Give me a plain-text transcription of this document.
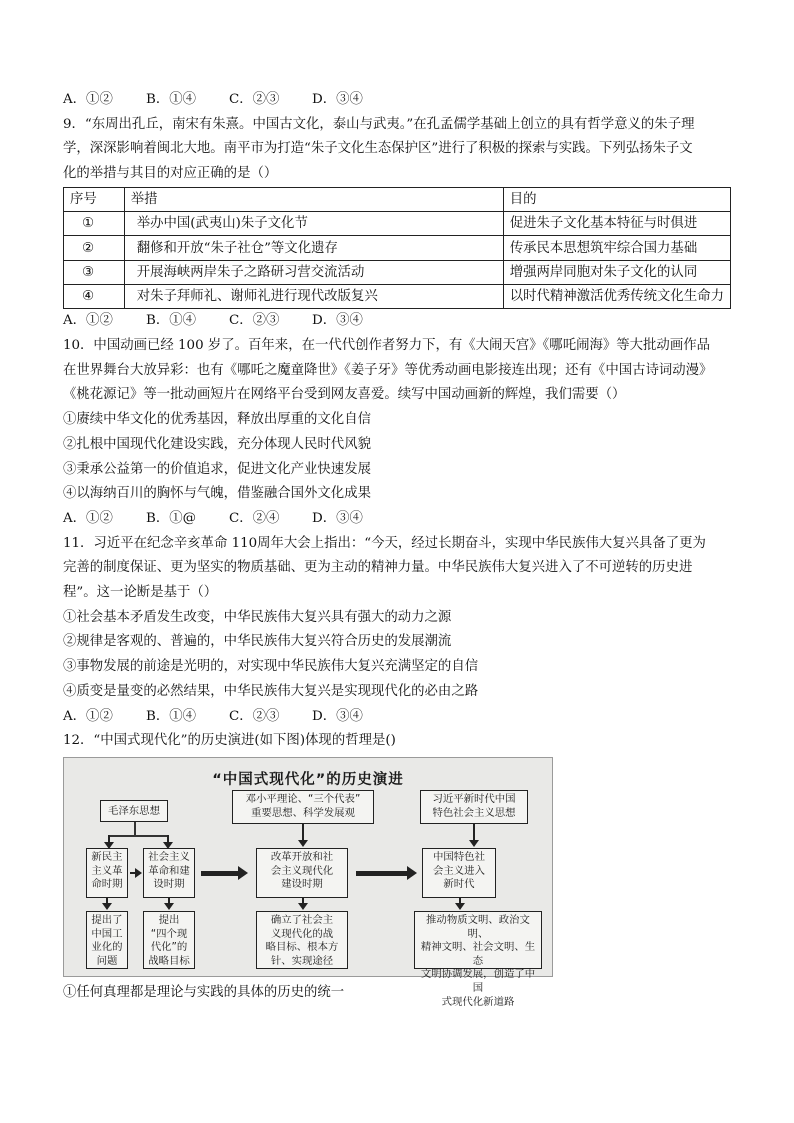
A．①②	B．①④	C．②③	D．③④
9．“东周出孔丘，南宋有朱熹。中国古文化，泰山与武夷。”在孔孟儒学基础上创立的具有哲学意义的朱子理
学，深深影响着闽北大地。南平市为打造“朱子文化生态保护区”进行了积极的探索与实践。下列弘扬朱子文
化的举措与其目的对应正确的是（）
序号	举措	目的
①	举办中国(武夷山)朱子文化节	促进朱子文化基本特征与时俱进
②	翻修和开放“朱子社仓”等文化遗存	传承民本思想筑牢综合国力基础
③	开展海峡两岸朱子之路研习营交流活动	增强两岸同胞对朱子文化的认同
④	对朱子拜师礼、谢师礼进行现代改版复兴	以时代精神激活优秀传统文化生命力
A．①②	B．①④	C．②③	D．③④
10．中国动画已经 100 岁了。百年来，在一代代创作者努力下，有《大闹天宫》《哪吒闹海》等大批动画作品
在世界舞台大放异彩：也有《哪吒之魔童降世》《姜子牙》等优秀动画电影接连出现；还有《中国古诗词动漫》
《桃花源记》等一批动画短片在网络平台受到网友喜爱。续写中国动画新的辉煌，我们需要（）
①赓续中华文化的优秀基因，释放出厚重的文化自信
②扎根中国现代化建设实践，充分体现人民时代风貌
③秉承公益第一的价值追求，促进文化产业快速发展
④以海纳百川的胸怀与气魄，借鉴融合国外文化成果
A．①②	B．①@	C．②④	D．③④
11．习近平在纪念辛亥革命 110周年大会上指出：“今天，经过长期奋斗，实现中华民族伟大复兴具备了更为
完善的制度保证、更为坚实的物质基础、更为主动的精神力量。中华民族伟大复兴进入了不可逆转的历史进
程”。这一论断是基于（）
①社会基本矛盾发生改变，中华民族伟大复兴具有强大的动力之源
②规律是客观的、普遍的，中华民族伟大复兴符合历史的发展潮流
③事物发展的前途是光明的，对实现中华民族伟大复兴充满坚定的自信
④质变是量变的必然结果，中华民族伟大复兴是实现现代化的必由之路
A．①②	B．①④	C．②③	D．③④
12．“中国式现代化”的历史演进(如下图)体现的哲理是()
“中国式现代化”的历史演进
毛泽东思想
邓小平理论、“三个代表”
重要思想、科学发展观
习近平新时代中国
特色社会主义思想
新民主
主义革
命时期
社会主义
革命和建
设时期
改革开放和社
会主义现代化
建设时期
中国特色社
会主义进入
新时代
提出了
中国工
业化的
问题
提出
“四个现
代化”的
战略目标
确立了社会主
义现代化的战
略目标、根本方
针、实现途径
推动物质文明、政治文明、
精神文明、社会文明、生态
文明协调发展，创造了中国
式现代化新道路
①任何真理都是理论与实践的具体的历史的统一
